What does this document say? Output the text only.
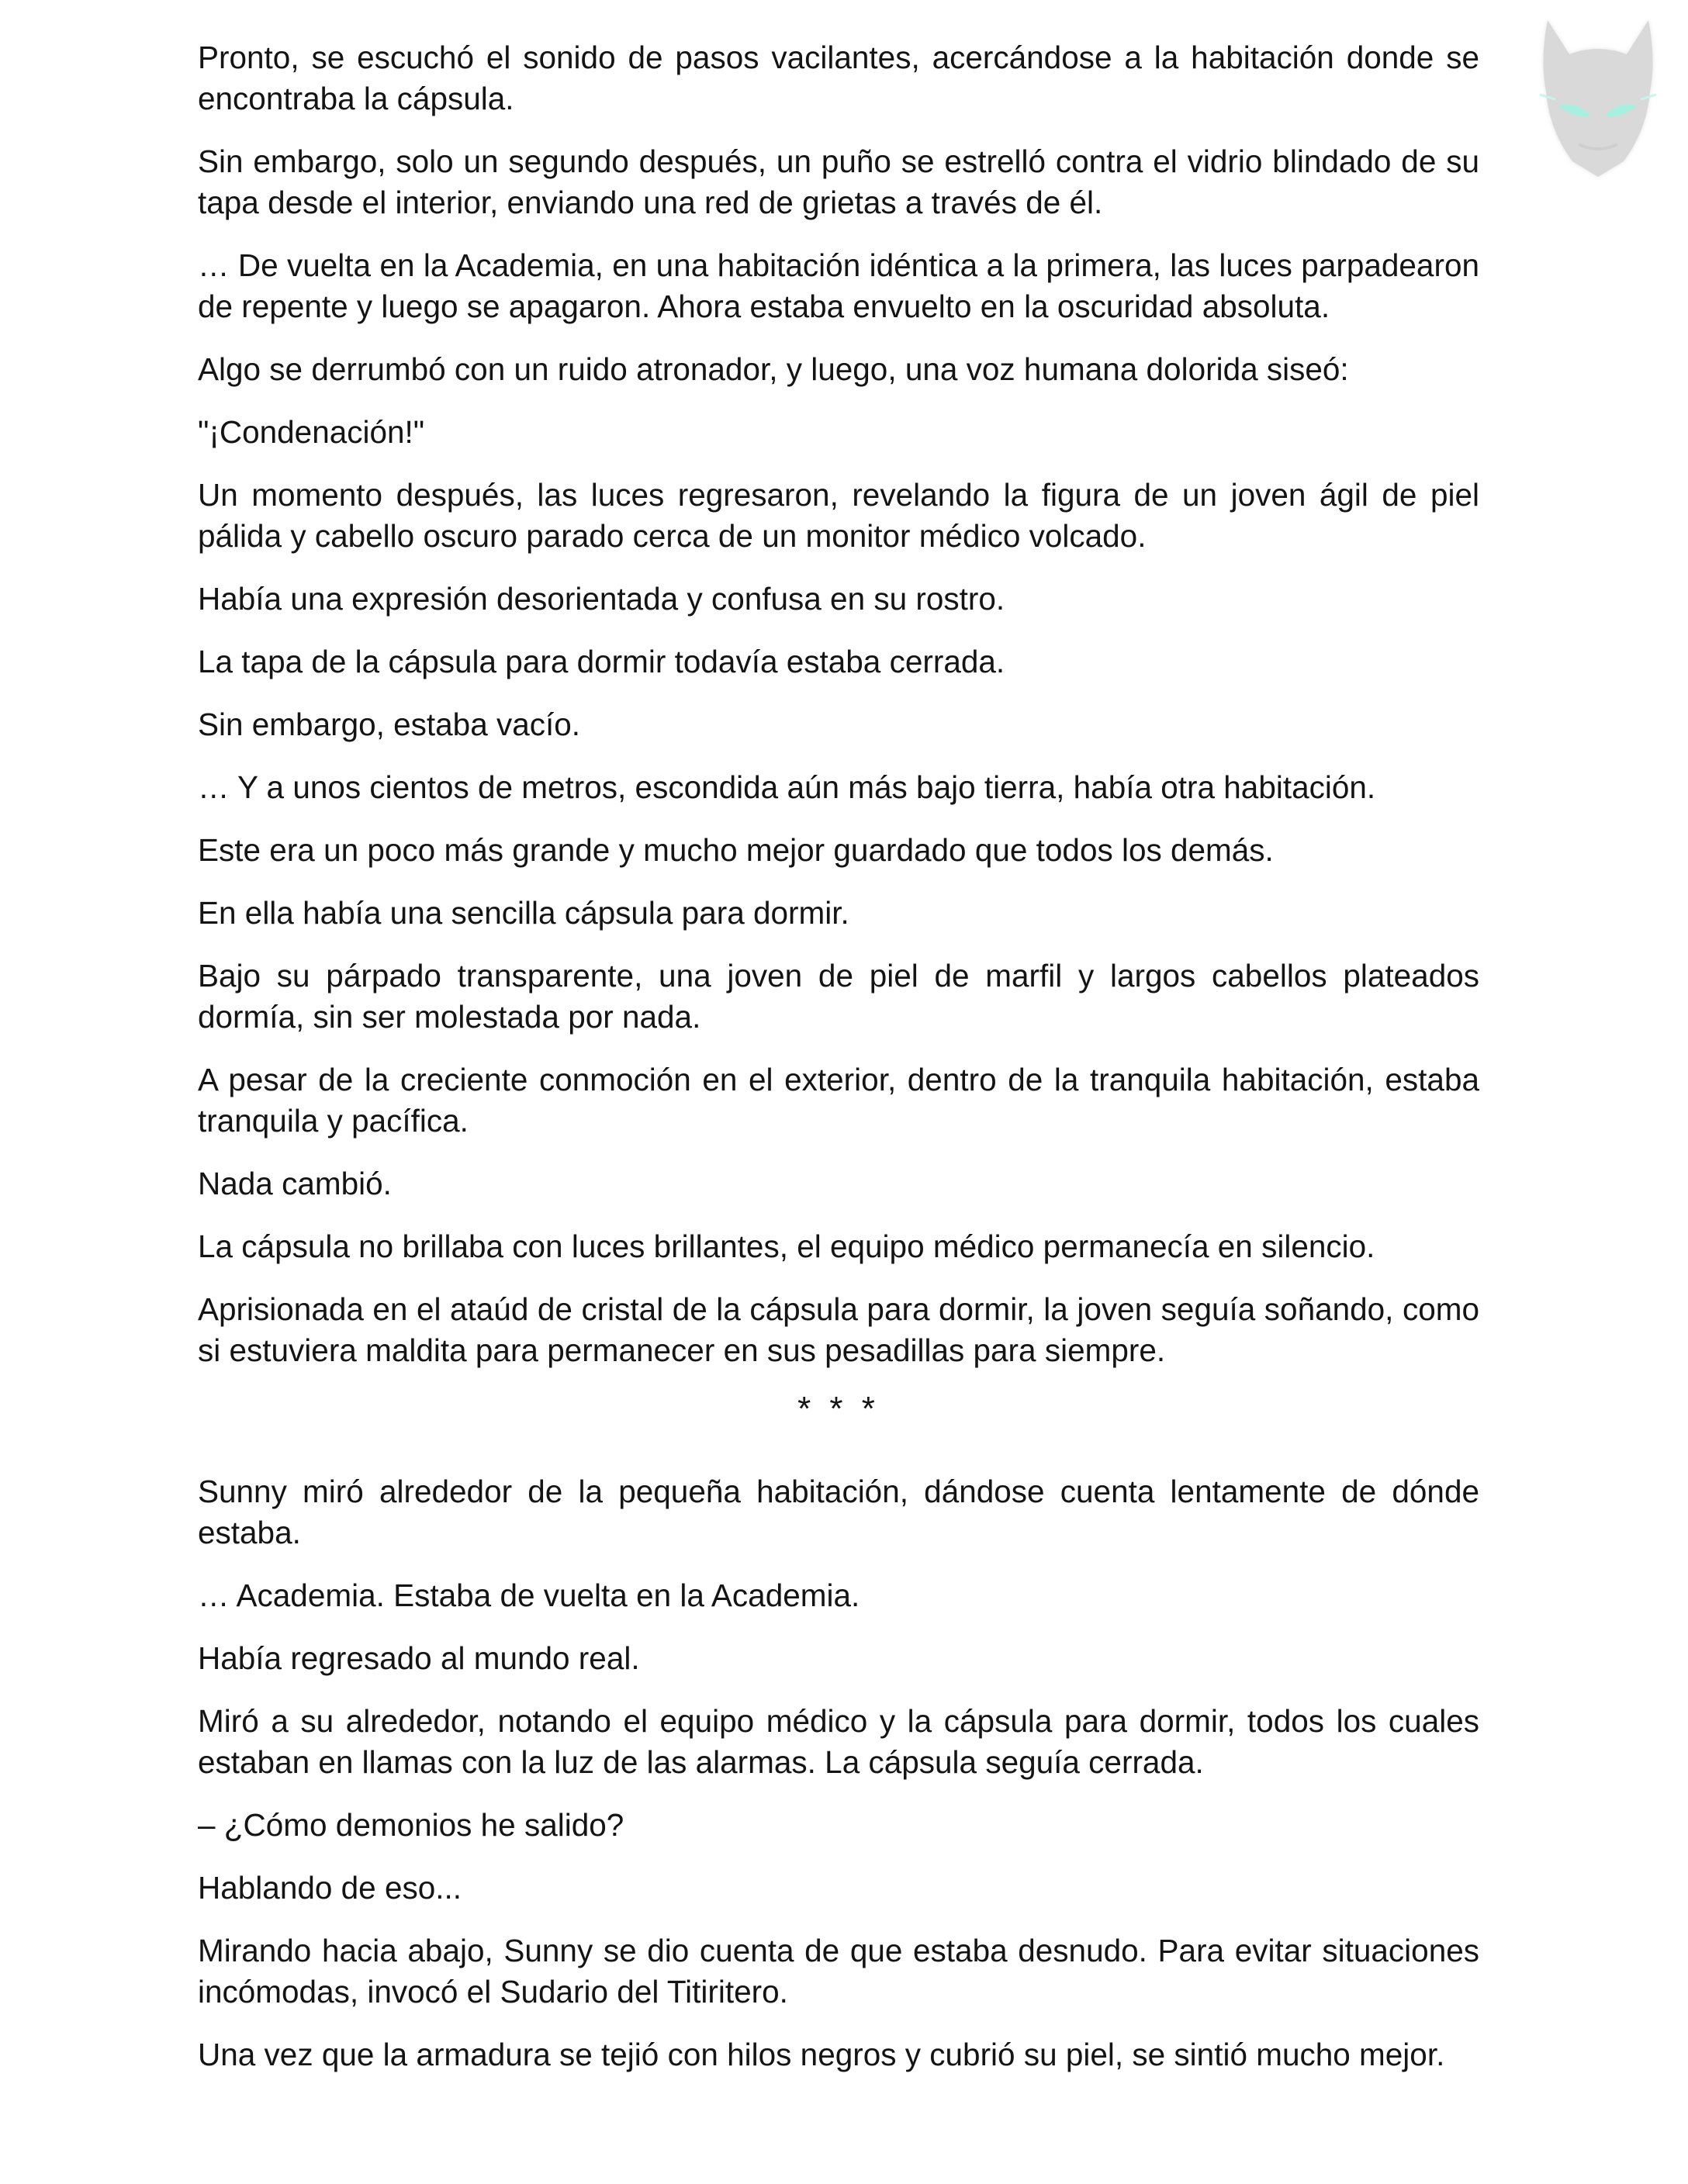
Pronto, se escuchó el sonido de pasos vacilantes, acercándose a la habitación donde se encontraba la cápsula.

Sin embargo, solo un segundo después, un puño se estrelló contra el vidrio blindado de su tapa desde el interior, enviando una red de grietas a través de él.

… De vuelta en la Academia, en una habitación idéntica a la primera, las luces parpadearon de repente y luego se apagaron. Ahora estaba envuelto en la oscuridad absoluta.

Algo se derrumbó con un ruido atronador, y luego, una voz humana dolorida siseó:

"¡Condenación!"

Un momento después, las luces regresaron, revelando la figura de un joven ágil de piel pálida y cabello oscuro parado cerca de un monitor médico volcado.

Había una expresión desorientada y confusa en su rostro.

La tapa de la cápsula para dormir todavía estaba cerrada.

Sin embargo, estaba vacío.

… Y a unos cientos de metros, escondida aún más bajo tierra, había otra habitación.

Este era un poco más grande y mucho mejor guardado que todos los demás.

En ella había una sencilla cápsula para dormir.

Bajo su párpado transparente, una joven de piel de marfil y largos cabellos plateados dormía, sin ser molestada por nada.

A pesar de la creciente conmoción en el exterior, dentro de la tranquila habitación, estaba tranquila y pacífica.

Nada cambió.

La cápsula no brillaba con luces brillantes, el equipo médico permanecía en silencio.

Aprisionada en el ataúd de cristal de la cápsula para dormir, la joven seguía soñando, como si estuviera maldita para permanecer en sus pesadillas para siempre.

* * *

Sunny miró alrededor de la pequeña habitación, dándose cuenta lentamente de dónde estaba.

… Academia. Estaba de vuelta en la Academia.

Había regresado al mundo real.

Miró a su alrededor, notando el equipo médico y la cápsula para dormir, todos los cuales estaban en llamas con la luz de las alarmas. La cápsula seguía cerrada.

– ¿Cómo demonios he salido?

Hablando de eso...

Mirando hacia abajo, Sunny se dio cuenta de que estaba desnudo. Para evitar situaciones incómodas, invocó el Sudario del Titiritero.

Una vez que la armadura se tejió con hilos negros y cubrió su piel, se sintió mucho mejor.
